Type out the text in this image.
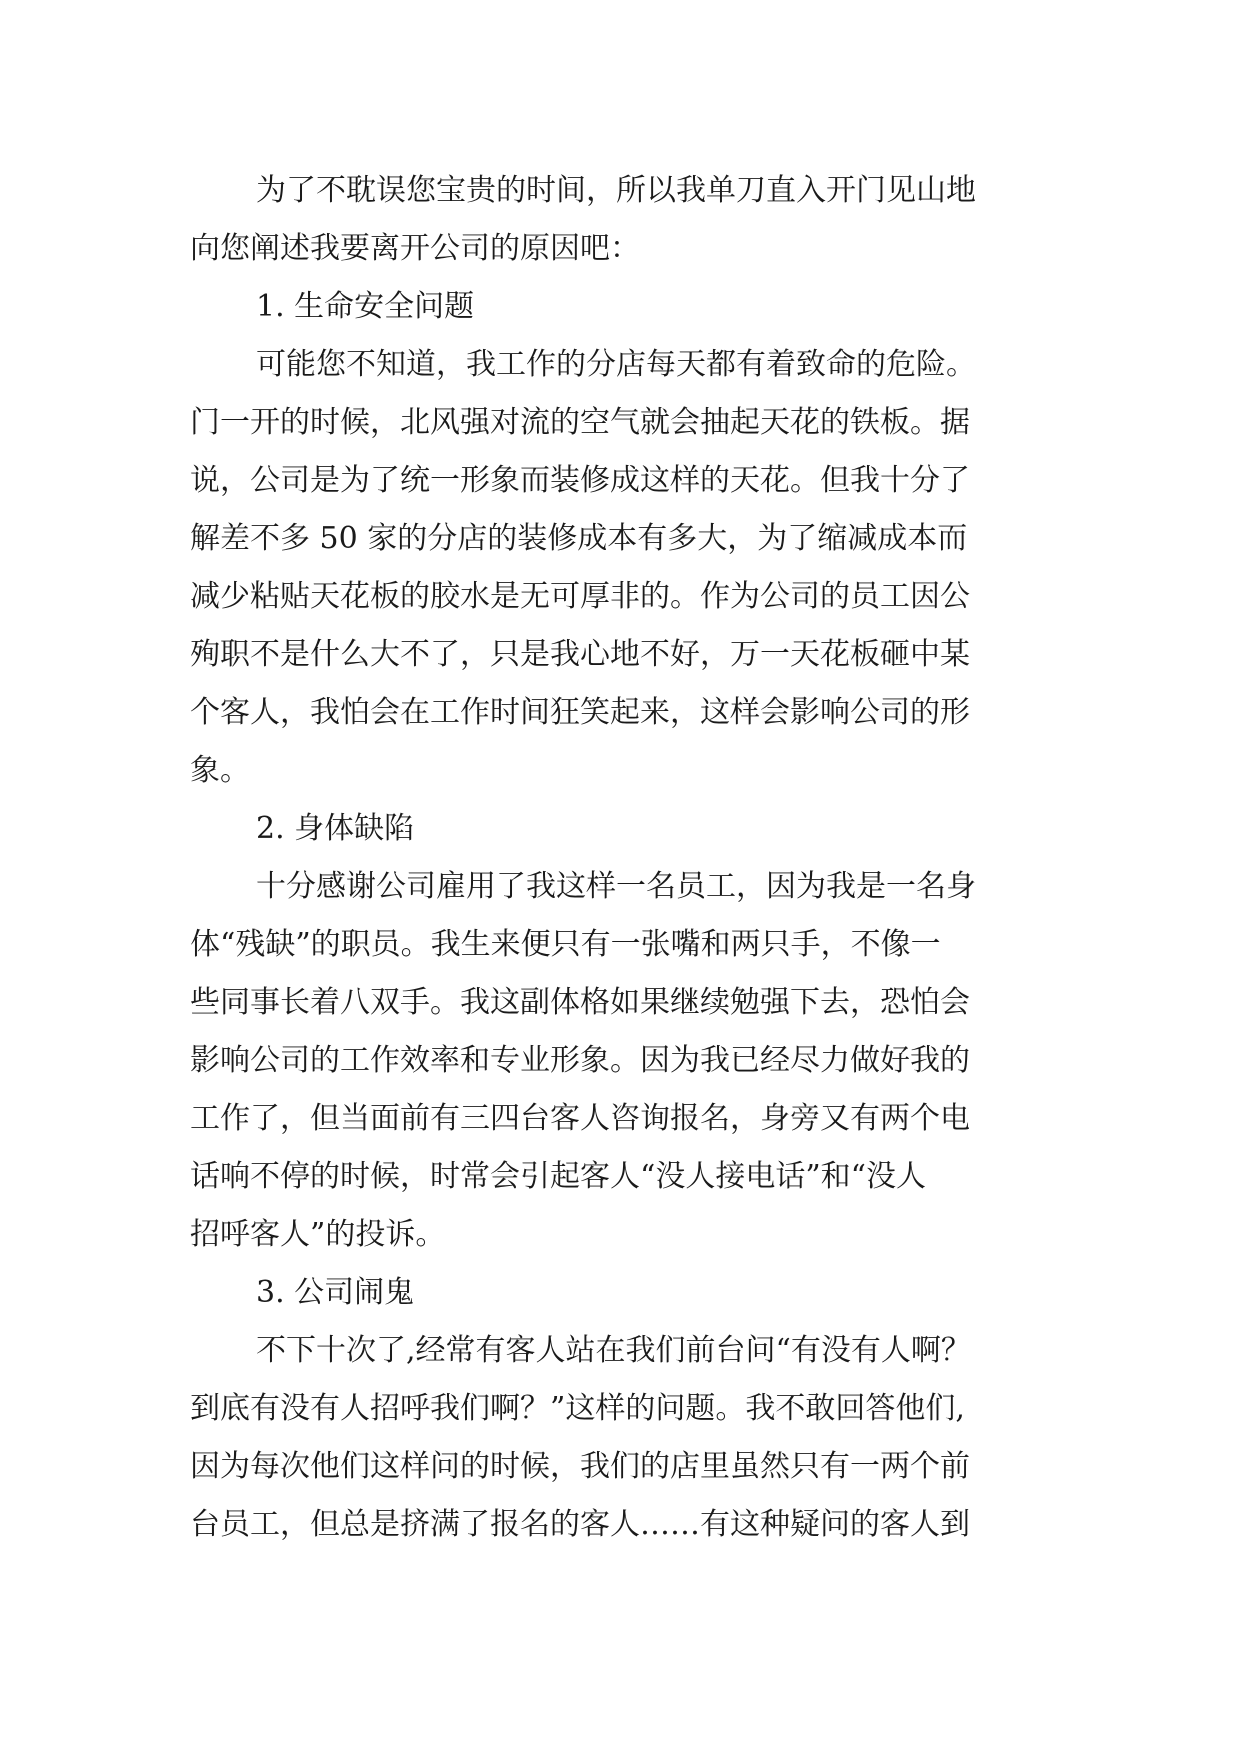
为了不耽误您宝贵的时间，所以我单刀直入开门见山地
向您阐述我要离开公司的原因吧：
1. 生命安全问题
可能您不知道，我工作的分店每天都有着致命的危险。
门一开的时候，北风强对流的空气就会抽起天花的铁板。据
说，公司是为了统一形象而装修成这样的天花。但我十分了
解差不多 50 家的分店的装修成本有多大，为了缩减成本而
减少粘贴天花板的胶水是无可厚非的。作为公司的员工因公
殉职不是什么大不了，只是我心地不好，万一天花板砸中某
个客人，我怕会在工作时间狂笑起来，这样会影响公司的形
象。
2. 身体缺陷
十分感谢公司雇用了我这样一名员工，因为我是一名身
体“残缺”的职员。我生来便只有一张嘴和两只手，不像一
些同事长着八双手。我这副体格如果继续勉强下去，恐怕会
影响公司的工作效率和专业形象。因为我已经尽力做好我的
工作了，但当面前有三四台客人咨询报名，身旁又有两个电
话响不停的时候，时常会引起客人“没人接电话”和“没人
招呼客人”的投诉。
3. 公司闹鬼
不下十次了,经常有客人站在我们前台问“有没有人啊？
到底有没有人招呼我们啊？”这样的问题。我不敢回答他们,
因为每次他们这样问的时候，我们的店里虽然只有一两个前
台员工，但总是挤满了报名的客人……有这种疑问的客人到
